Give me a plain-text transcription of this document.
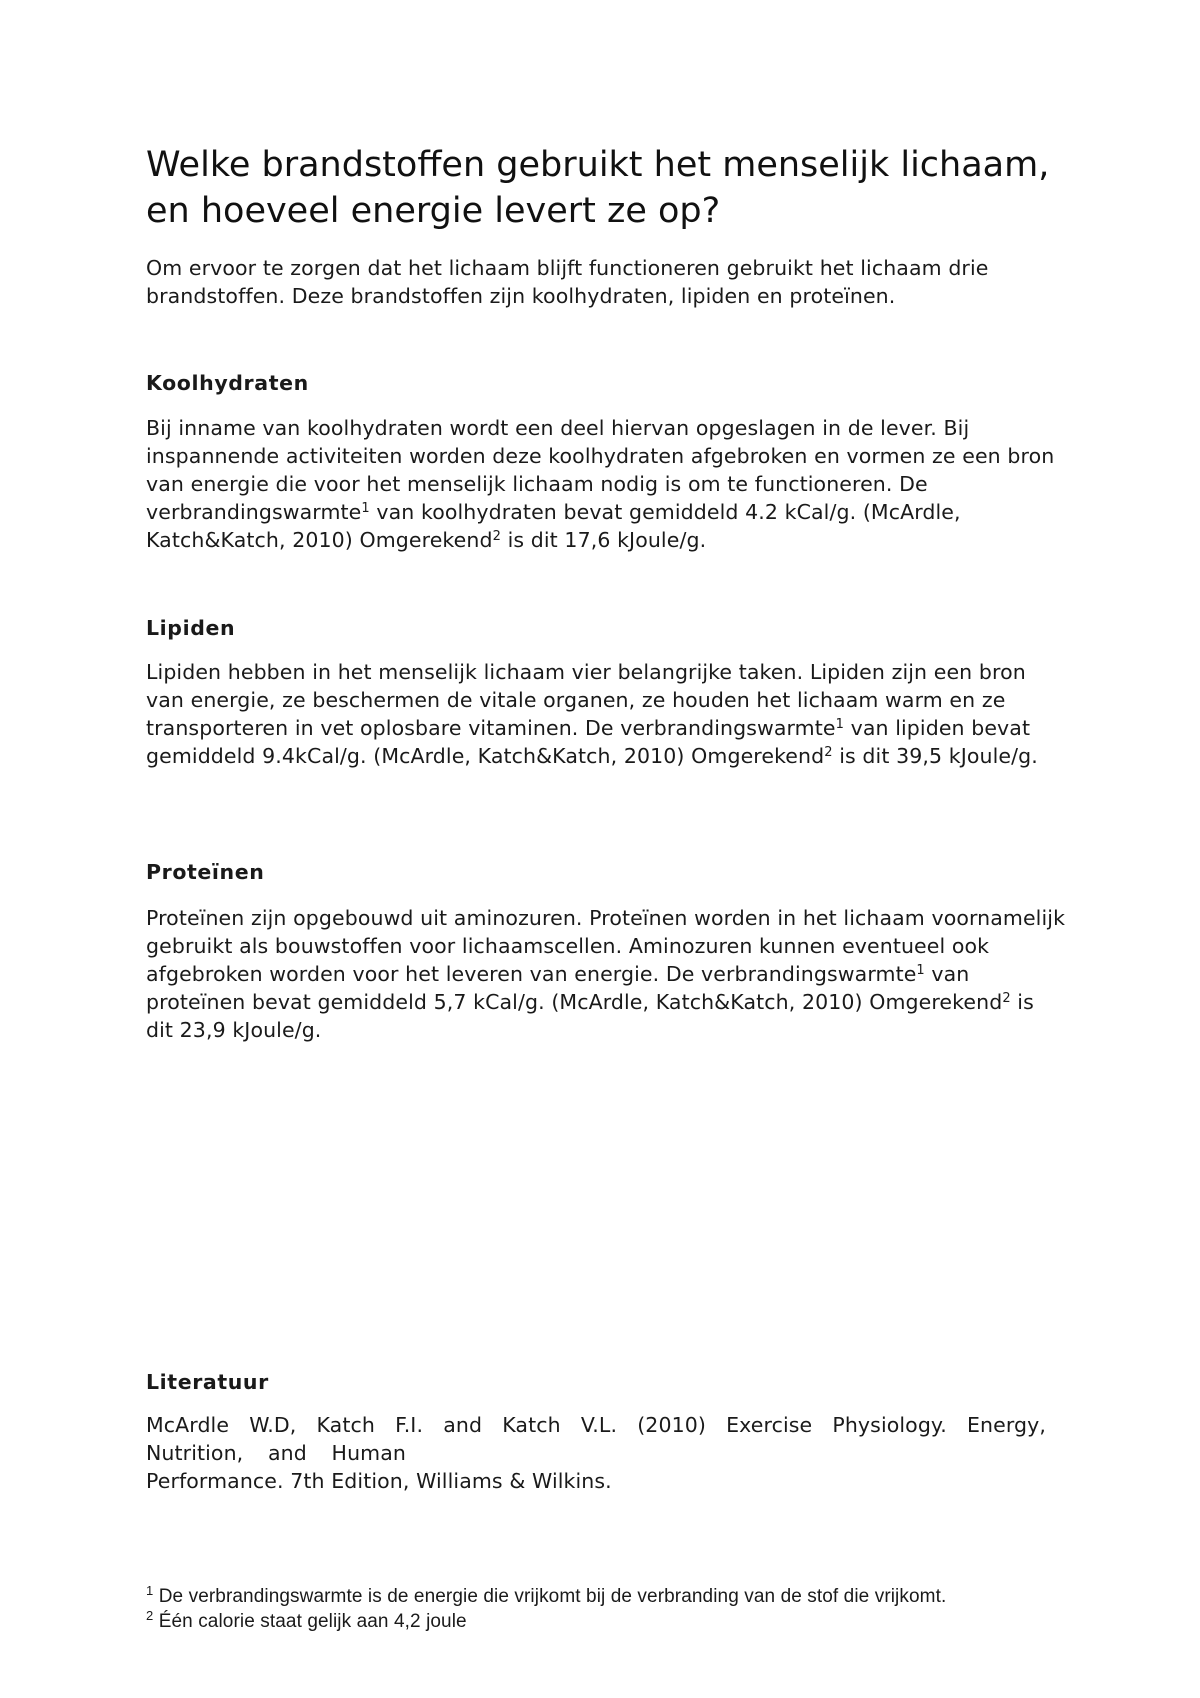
Welke brandstoffen gebruikt het menselijk lichaam, en hoeveel energie levert ze op?

Om ervoor te zorgen dat het lichaam blijft functioneren gebruikt het lichaam drie brandstoffen. Deze brandstoffen zijn koolhydraten, lipiden en proteïnen.

Koolhydraten

Bij inname van koolhydraten wordt een deel hiervan opgeslagen in de lever. Bij inspannende activiteiten worden deze koolhydraten afgebroken en vormen ze een bron van energie die voor het menselijk lichaam nodig is om te functioneren. De verbrandingswarmte$^1$ van koolhydraten bevat gemiddeld 4.2 kCal/g. (McArdle, Katch&Katch, 2010) Omgerekend$^2$ is dit 17,6 kJoule/g.

Lipiden

Lipiden hebben in het menselijk lichaam vier belangrijke taken. Lipiden zijn een bron van energie, ze beschermen de vitale organen, ze houden het lichaam warm en ze transporteren in vet oplosbare vitaminen. De verbrandingswarmte$^1$ van lipiden bevat gemiddeld 9.4kCal/g. (McArdle, Katch&Katch, 2010) Omgerekend$^2$ is dit 39,5 kJoule/g.

Proteïnen

Proteïnen zijn opgebouwd uit aminozuren. Proteïnen worden in het lichaam voornamelijk gebruikt als bouwstoffen voor lichaamscellen. Aminozuren kunnen eventueel ook afgebroken worden voor het leveren van energie. De verbrandingswarmte$^1$ van proteïnen bevat gemiddeld 5,7 kCal/g. (McArdle, Katch&Katch, 2010) Omgerekend$^2$ is dit 23,9 kJoule/g.

Literatuur

McArdle W.D, Katch F.I. and Katch V.L. (2010) Exercise Physiology. Energy,

Nutrition, and Human

Performance. 7th Edition, Williams & Wilkins.

$^1$ De verbrandingswarmte is de energie die vrijkomt bij de verbranding van de stof die vrijkomt.

$^2$ Één calorie staat gelijk aan 4,2 joule
